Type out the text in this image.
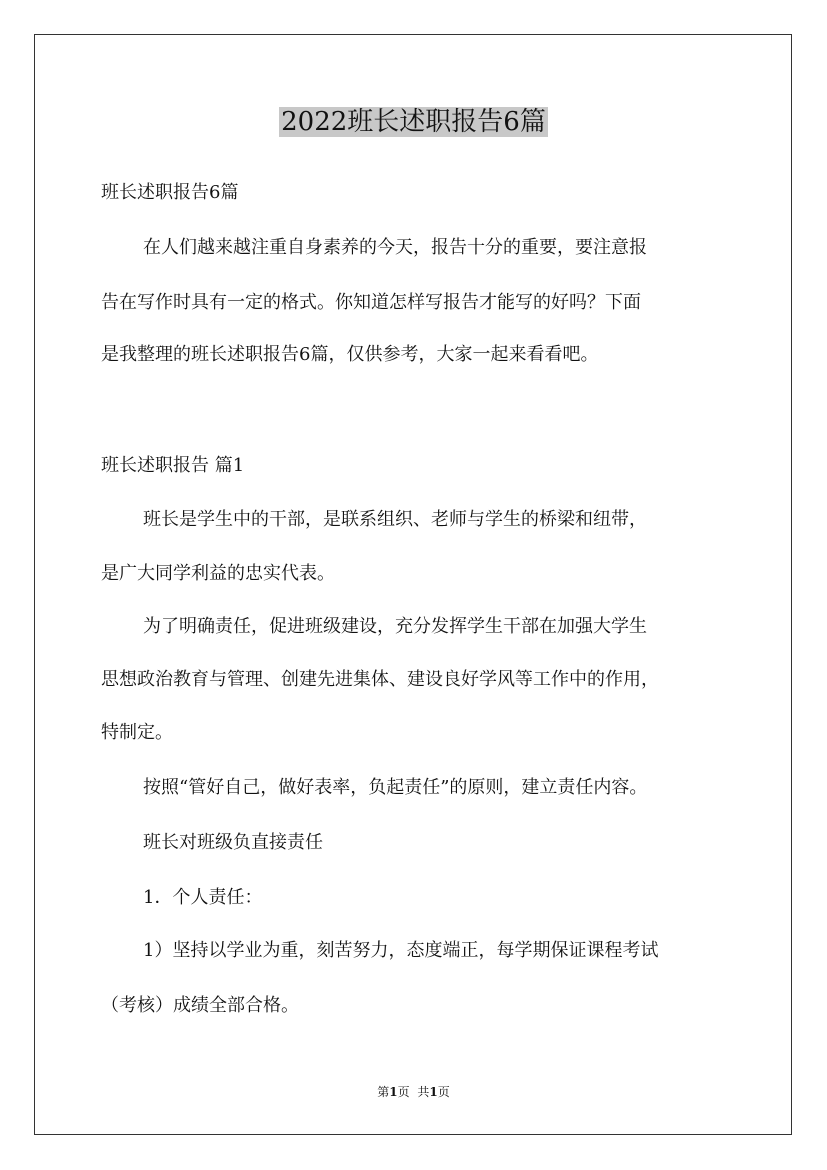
2022班长述职报告6篇

班长述职报告6篇

在人们越来越注重自身素养的今天，报告十分的重要，要注意报

告在写作时具有一定的格式。你知道怎样写报告才能写的好吗？下面

是我整理的班长述职报告6篇，仅供参考，大家一起来看看吧。

班长述职报告 篇1

班长是学生中的干部，是联系组织、老师与学生的桥梁和纽带，

是广大同学利益的忠实代表。

为了明确责任，促进班级建设，充分发挥学生干部在加强大学生

思想政治教育与管理、创建先进集体、建设良好学风等工作中的作用，

特制定。

按照“管好自己，做好表率，负起责任”的原则，建立责任内容。

班长对班级负直接责任

1．个人责任：

1）坚持以学业为重，刻苦努力，态度端正，每学期保证课程考试

（考核）成绩全部合格。

第1页 共1页
